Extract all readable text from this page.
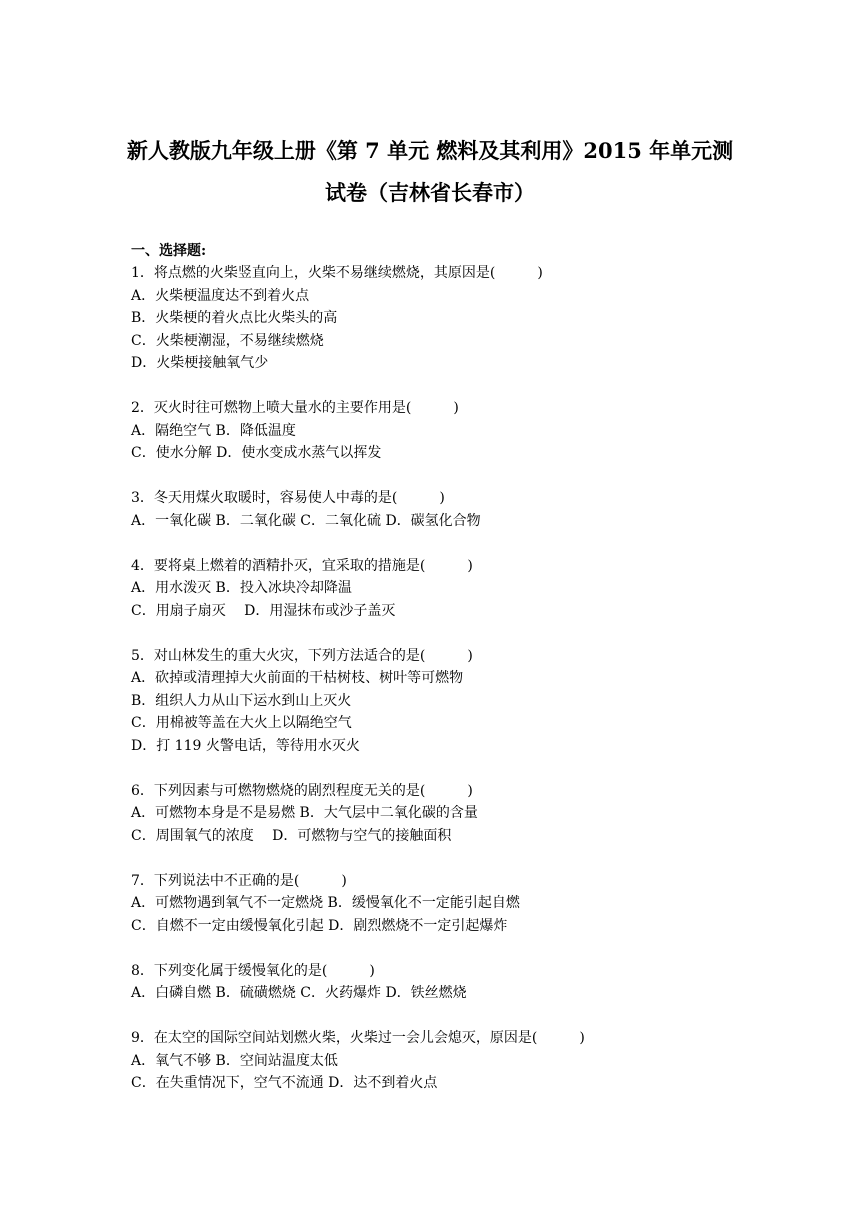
新人教版九年级上册《第 7 单元 燃料及其利用》2015 年单元测
试卷（吉林省长春市）
一、选择题:
1．将点燃的火柴竖直向上，火柴不易继续燃烧，其原因是(　　　)
A．火柴梗温度达不到着火点
B．火柴梗的着火点比火柴头的高
C．火柴梗潮湿，不易继续燃烧
D．火柴梗接触氧气少
2．灭火时往可燃物上喷大量水的主要作用是(　　　)
A．隔绝空气 B．降低温度
C．使水分解 D．使水变成水蒸气以挥发
3．冬天用煤火取暖时，容易使人中毒的是(　　　)
A．一氧化碳 B．二氧化碳 C．二氧化硫 D．碳氢化合物
4．要将桌上燃着的酒精扑灭，宜采取的措施是(　　　)
A．用水泼灭 B．投入冰块冷却降温
C．用扇子扇灭　 D．用湿抹布或沙子盖灭
5．对山林发生的重大火灾，下列方法适合的是(　　　)
A．砍掉或清理掉大火前面的干枯树枝、树叶等可燃物
B．组织人力从山下运水到山上灭火
C．用棉被等盖在大火上以隔绝空气
D．打 119 火警电话，等待用水灭火
6．下列因素与可燃物燃烧的剧烈程度无关的是(　　　)
A．可燃物本身是不是易燃 B．大气层中二氧化碳的含量
C．周围氧气的浓度　 D．可燃物与空气的接触面积
7．下列说法中不正确的是(　　　)
A．可燃物遇到氧气不一定燃烧 B．缓慢氧化不一定能引起自燃
C．自燃不一定由缓慢氧化引起 D．剧烈燃烧不一定引起爆炸
8．下列变化属于缓慢氧化的是(　　　)
A．白磷自燃 B．硫磺燃烧 C．火药爆炸 D．铁丝燃烧
9．在太空的国际空间站划燃火柴，火柴过一会儿会熄灭，原因是(　　　)
A．氧气不够 B．空间站温度太低
C．在失重情况下，空气不流通 D．达不到着火点
